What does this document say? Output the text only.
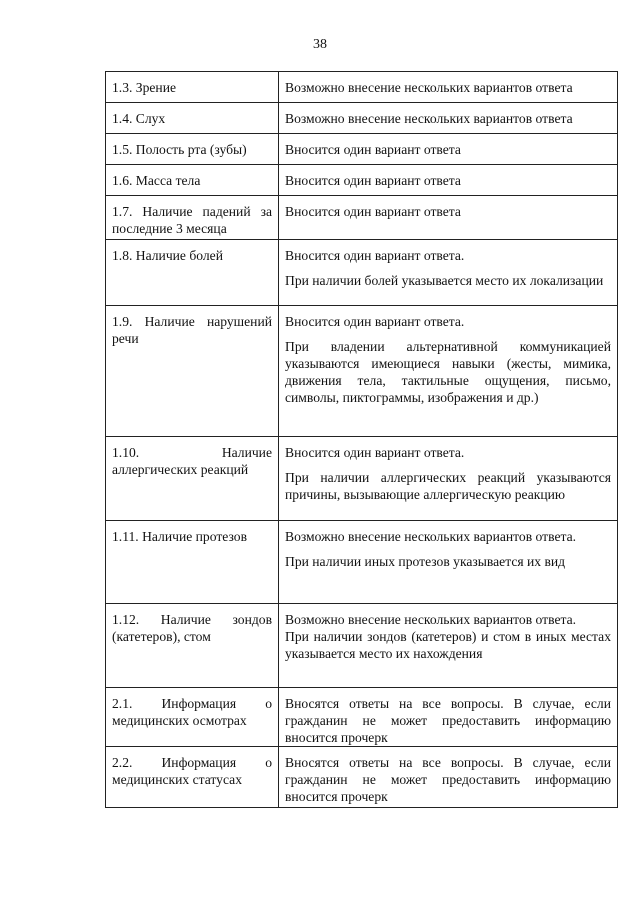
38
1.3. Зрение	Возможно внесение нескольких вариантов ответа

1.4. Слух	Возможно внесение нескольких вариантов ответа

1.5. Полость рта (зубы)	Вносится один вариант ответа

1.6. Масса тела	Вносится один вариант ответа

1.7. Наличие падений за последние 3 месяца	Вносится один вариант ответа

1.8. Наличие болей	Вносится один вариант ответа.

При наличии болей указывается место их локализации

1.9. Наличие нарушений речи	Вносится один вариант ответа.

При владении альтернативной коммуникацией указываются имеющиеся навыки (жесты, мимика, движения тела, тактильные ощущения, письмо, символы, пиктограммы, изображения и др.)

1.10. Наличие аллергических реакций	Вносится один вариант ответа.

При наличии аллергических реакций указываются причины, вызывающие аллергическую реакцию

1.11. Наличие протезов	Возможно внесение нескольких вариантов ответа.

При наличии иных протезов указывается их вид

1.12. Наличие зондов (катетеров), стом	Возможно внесение нескольких вариантов ответа.

При наличии зондов (катетеров) и стом в иных местах указывается место их нахождения

2.1. Информация о медицинских осмотрах	Вносятся ответы на все вопросы. В случае, если гражданин не может предоставить информацию вносится прочерк

2.2. Информация о медицинских статусах	Вносятся ответы на все вопросы. В случае, если гражданин не может предоставить информацию вносится прочерк
